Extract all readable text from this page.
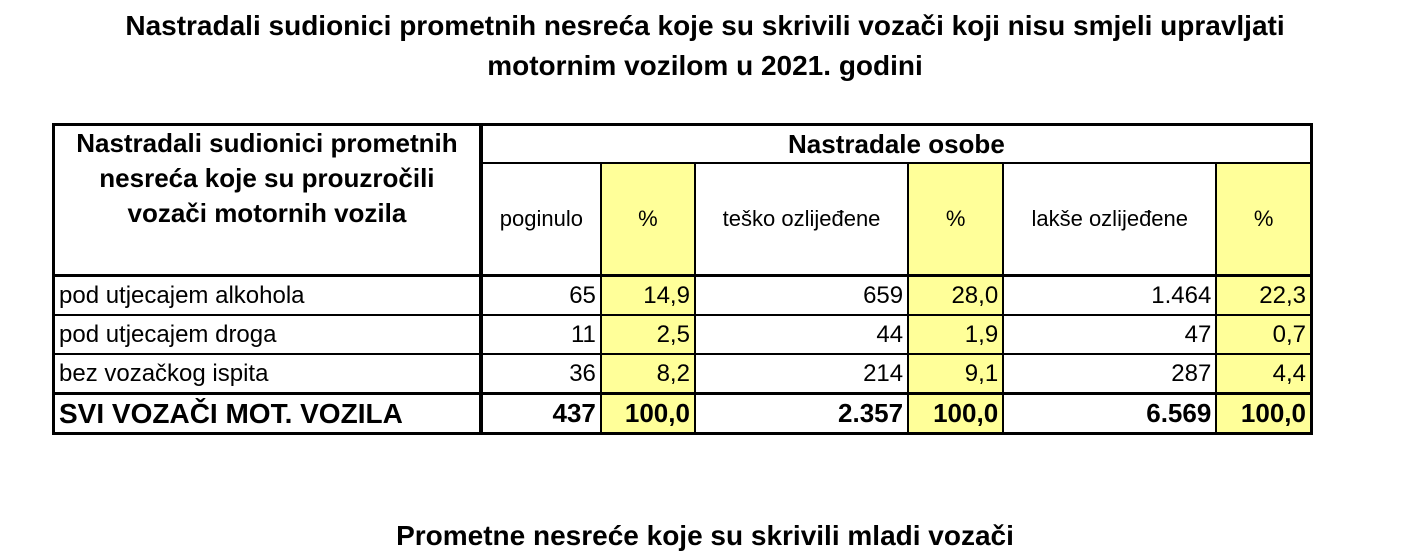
Nastradali sudionici prometnih nesreća koje su skrivili vozači koji nisu smjeli upravljati
motornim vozilom u 2021. godini
Nastradali sudionici prometnih nesreća koje su prouzročili vozači motornih vozila	Nastradale osobe					
	poginulo	%	teško ozlijeđene	%	lakše ozlijeđene	%
pod utjecajem alkohola	65	14,9	659	28,0	1.464	22,3
pod utjecajem droga	11	2,5	44	1,9	47	0,7
bez vozačkog ispita	36	8,2	214	9,1	287	4,4
SVI VOZAČI MOT. VOZILA	437	100,0	2.357	100,0	6.569	100,0
Prometne nesreće koje su skrivili mladi vozači
